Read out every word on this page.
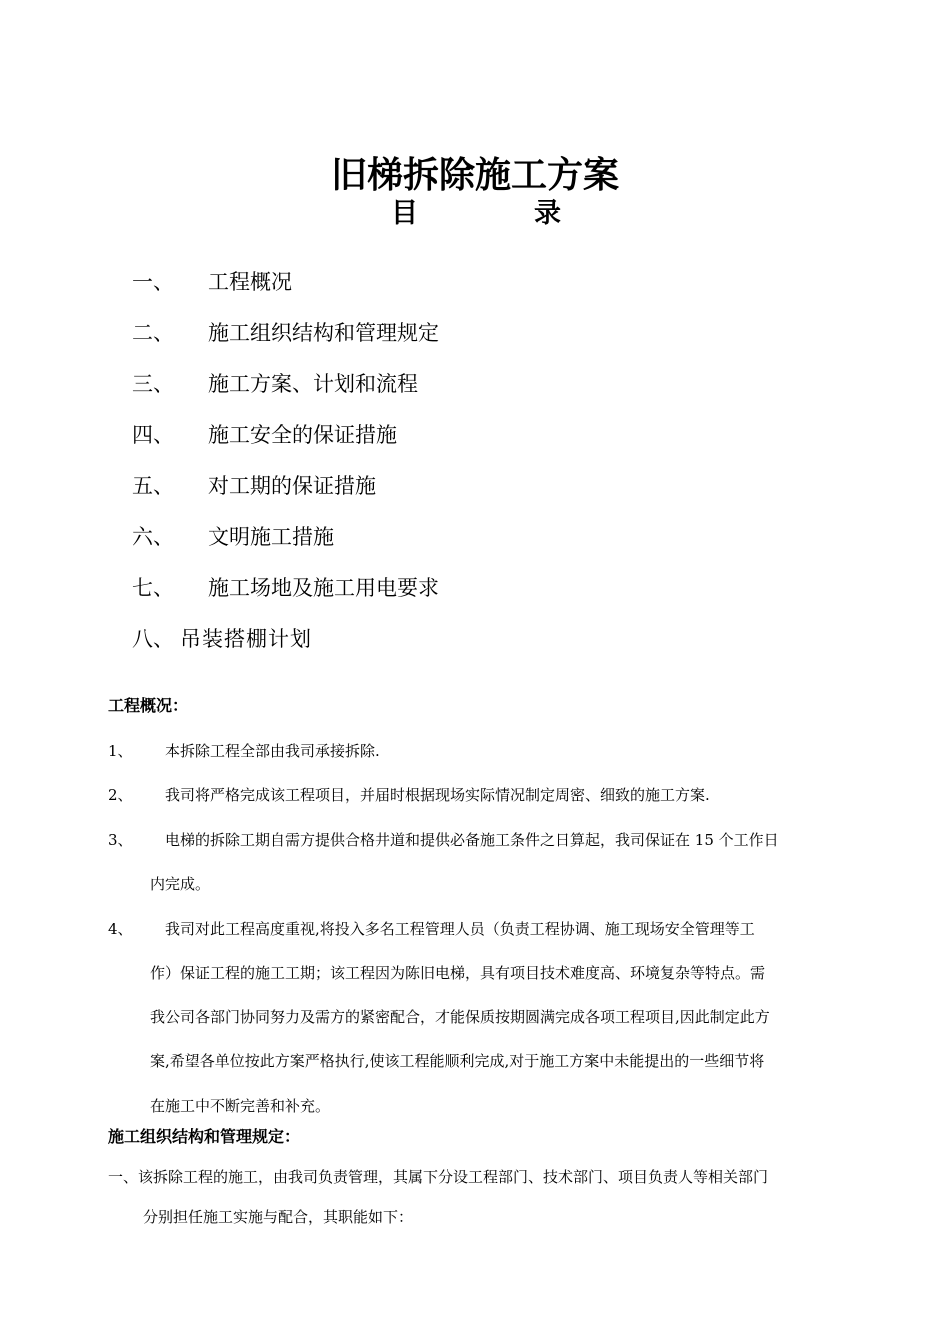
旧梯拆除施工方案
目	录
一、 工程概况
二、 施工组织结构和管理规定
三、 施工方案、计划和流程
四、 施工安全的保证措施
五、 对工期的保证措施
六、 文明施工措施
七、 施工场地及施工用电要求
八、 吊装搭棚计划
工程概况：
1、 本拆除工程全部由我司承接拆除.
2、 我司将严格完成该工程项目，并届时根据现场实际情况制定周密、细致的施工方案.
3、 电梯的拆除工期自需方提供合格井道和提供必备施工条件之日算起，我司保证在 15 个工作日
内完成。
4、 我司对此工程高度重视,将投入多名工程管理人员（负责工程协调、施工现场安全管理等工
作）保证工程的施工工期；该工程因为陈旧电梯，具有项目技术难度高、环境复杂等特点。需
我公司各部门协同努力及需方的紧密配合，才能保质按期圆满完成各项工程项目,因此制定此方
案,希望各单位按此方案严格执行,使该工程能顺利完成,对于施工方案中未能提出的一些细节将
在施工中不断完善和补充。
施工组织结构和管理规定：
一、该拆除工程的施工，由我司负责管理，其属下分设工程部门、技术部门、项目负责人等相关部门
分别担任施工实施与配合，其职能如下：
